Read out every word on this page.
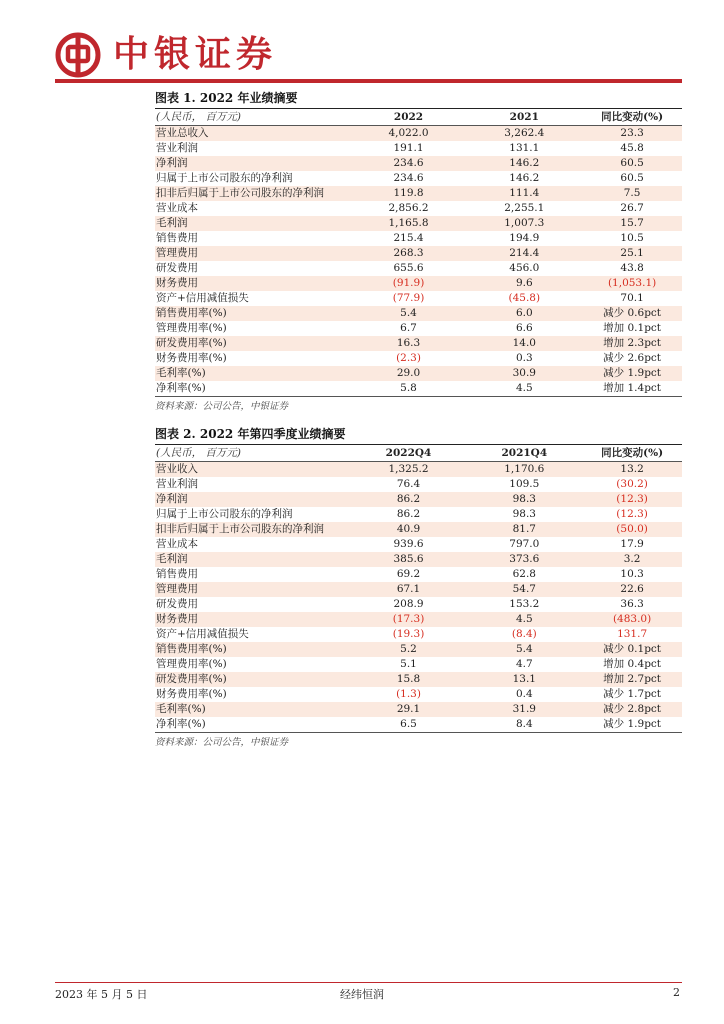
中银证券
图表 1. 2022 年业绩摘要
(人民币， 百万元)	2022	2021	同比变动(%)
营业总收入	4,022.0	3,262.4	23.3
营业利润	191.1	131.1	45.8
净利润	234.6	146.2	60.5
归属于上市公司股东的净利润	234.6	146.2	60.5
扣非后归属于上市公司股东的净利润	119.8	111.4	7.5
营业成本	2,856.2	2,255.1	26.7
毛利润	1,165.8	1,007.3	15.7
销售费用	215.4	194.9	10.5
管理费用	268.3	214.4	25.1
研发费用	655.6	456.0	43.8
财务费用	(91.9)	9.6	(1,053.1)
资产+信用减值损失	(77.9)	(45.8)	70.1
销售费用率(%)	5.4	6.0	减少 0.6pct
管理费用率(%)	6.7	6.6	增加 0.1pct
研发费用率(%)	16.3	14.0	增加 2.3pct
财务费用率(%)	(2.3)	0.3	减少 2.6pct
毛利率(%)	29.0	30.9	减少 1.9pct
净利率(%)	5.8	4.5	增加 1.4pct
资料来源：公司公告，中银证券
图表 2. 2022 年第四季度业绩摘要
(人民币， 百万元)	2022Q4	2021Q4	同比变动(%)
营业收入	1,325.2	1,170.6	13.2
营业利润	76.4	109.5	(30.2)
净利润	86.2	98.3	(12.3)
归属于上市公司股东的净利润	86.2	98.3	(12.3)
扣非后归属于上市公司股东的净利润	40.9	81.7	(50.0)
营业成本	939.6	797.0	17.9
毛利润	385.6	373.6	3.2
销售费用	69.2	62.8	10.3
管理费用	67.1	54.7	22.6
研发费用	208.9	153.2	36.3
财务费用	(17.3)	4.5	(483.0)
资产+信用减值损失	(19.3)	(8.4)	131.7
销售费用率(%)	5.2	5.4	减少 0.1pct
管理费用率(%)	5.1	4.7	增加 0.4pct
研发费用率(%)	15.8	13.1	增加 2.7pct
财务费用率(%)	(1.3)	0.4	减少 1.7pct
毛利率(%)	29.1	31.9	减少 2.8pct
净利率(%)	6.5	8.4	减少 1.9pct
资料来源：公司公告，中银证券
2023 年 5 月 5 日	经纬恒润	2
